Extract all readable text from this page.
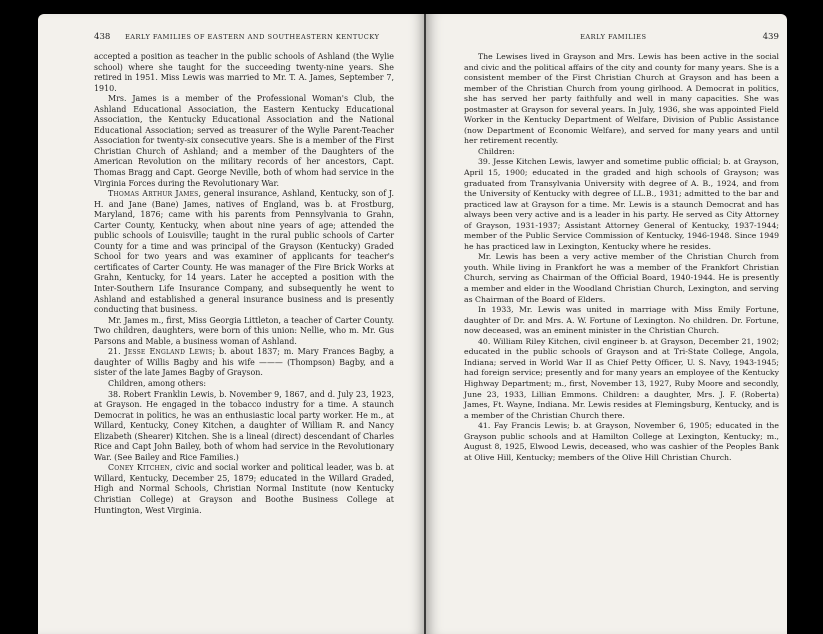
438	EARLY FAMILIES OF EASTERN AND SOUTHEASTERN KENTUCKY

accepted a position as teacher in the public schools of Ashland (the Wylie school) where she taught for the succeeding twenty-nine years. She retired in 1951. Miss Lewis was married to Mr. T. A. James, September 7, 1910.

Mrs. James is a member of the Professional Woman's Club, the Ashland Educational Association, the Eastern Kentucky Educational Association, the Kentucky Educational Association and the National Educational Association; served as treasurer of the Wylie Parent-Teacher Association for twenty-six consecutive years. She is a member of the First Christian Church of Ashland; and a member of the Daughters of the American Revolution on the military records of her ancestors, Capt. Thomas Bragg and Capt. George Neville, both of whom had service in the Virginia Forces during the Revolutionary War.

Thomas Arthur James, general insurance, Ashland, Kentucky, son of J. H. and Jane (Bane) James, natives of England, was b. at Frostburg, Maryland, 1876; came with his parents from Pennsylvania to Grahn, Carter County, Kentucky, when about nine years of age; attended the public schools of Louisville; taught in the rural public schools of Carter County for a time and was principal of the Grayson (Kentucky) Graded School for two years and was examiner of applicants for teacher's certificates of Carter County. He was manager of the Fire Brick Works at Grahn, Kentucky, for 14 years. Later he accepted a position with the Inter-Southern Life Insurance Company, and subsequently he went to Ashland and established a general insurance business and is presently conducting that business.

Mr. James m., first, Miss Georgia Littleton, a teacher of Carter County. Two children, daughters, were born of this union: Nellie, who m. Mr. Gus Parsons and Mable, a business woman of Ashland.

21. Jesse England Lewis; b. about 1837; m. Mary Frances Bagby, a daughter of Willis Bagby and his wife ——— (Thompson) Bagby, and a sister of the late James Bagby of Grayson.

Children, among others:

38. Robert Franklin Lewis, b. November 9, 1867, and d. July 23, 1923, at Grayson. He engaged in the tobacco industry for a time. A staunch Democrat in politics, he was an enthusiastic local party worker. He m., at Willard, Kentucky, Coney Kitchen, a daughter of William R. and Nancy Elizabeth (Shearer) Kitchen. She is a lineal (direct) descendant of Charles Rice and Capt John Bailey, both of whom had service in the Revolutionary War. (See Bailey and Rice Families.)

Coney Kitchen, civic and social worker and political leader, was b. at Willard, Kentucky, December 25, 1879; educated in the Willard Graded, High and Normal Schools, Christian Normal Institute (now Kentucky Christian College) at Grayson and Boothe Business College at Huntington, West Virginia.

EARLY FAMILIES	439

The Lewises lived in Grayson and Mrs. Lewis has been active in the social and civic and the political affairs of the city and county for many years. She is a consistent member of the First Christian Church at Grayson and has been a member of the Christian Church from young girlhood. A Democrat in politics, she has served her party faithfully and well in many capacities. She was postmaster at Grayson for several years. In July, 1936, she was appointed Field Worker in the Kentucky Department of Welfare, Division of Public Assistance (now Department of Economic Welfare), and served for many years and until her retirement recently.

Children:

39. Jesse Kitchen Lewis, lawyer and sometime public official; b. at Grayson, April 15, 1900; educated in the graded and high schools of Grayson; was graduated from Transylvania University with degree of A. B., 1924, and from the University of Kentucky with degree of LL.B., 1931; admitted to the bar and practiced law at Grayson for a time. Mr. Lewis is a staunch Democrat and has always been very active and is a leader in his party. He served as City Attorney of Grayson, 1931-1937; Assistant Attorney General of Kentucky, 1937-1944; member of the Public Service Commission of Kentucky, 1946-1948. Since 1949 he has practiced law in Lexington, Kentucky where he resides.

Mr. Lewis has been a very active member of the Christian Church from youth. While living in Frankfort he was a member of the Frankfort Christian Church, serving as Chairman of the Official Board, 1940-1944. He is presently a member and elder in the Woodland Christian Church, Lexington, and serving as Chairman of the Board of Elders.

In 1933, Mr. Lewis was united in marriage with Miss Emily Fortune, daughter of Dr. and Mrs. A. W. Fortune of Lexington. No children. Dr. Fortune, now deceased, was an eminent minister in the Christian Church.

40. William Riley Kitchen, civil engineer b. at Grayson, December 21, 1902; educated in the public schools of Grayson and at Tri-State College, Angola, Indiana; served in World War II as Chief Petty Officer, U. S. Navy, 1943-1945; had foreign service; presently and for many years an employee of the Kentucky Highway Department; m., first, November 13, 1927, Ruby Moore and secondly, June 23, 1933, Lillian Emmons. Children: a daughter, Mrs. J. F. (Roberta) James, Ft. Wayne, Indiana. Mr. Lewis resides at Flemingsburg, Kentucky, and is a member of the Christian Church there.

41. Fay Francis Lewis; b. at Grayson, November 6, 1905; educated in the Grayson public schools and at Hamilton College at Lexington, Kentucky; m., August 8, 1925, Elwood Lewis, deceased, who was cashier of the Peoples Bank at Olive Hill, Kentucky; members of the Olive Hill Christian Church.
